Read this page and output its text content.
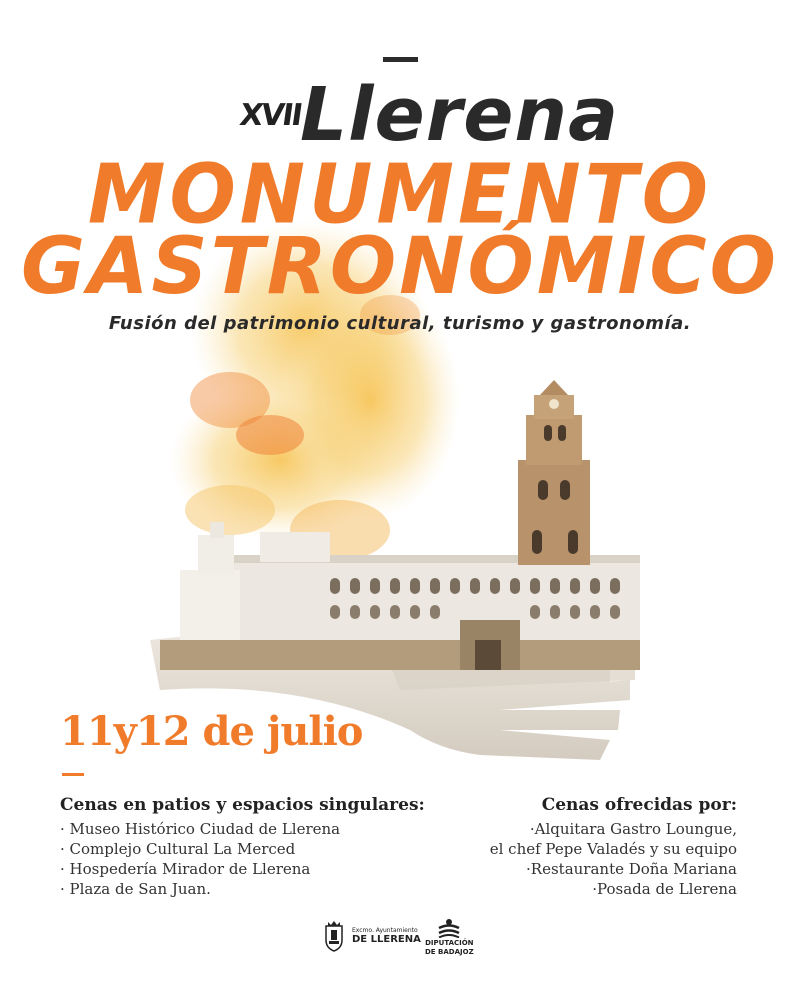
Llerena
XVII
MONUMENTO
GASTRONÓMICO
Fusión del patrimonio cultural, turismo y gastronomía.
11y12 de julio
Cenas en patios y espacios singulares:
· Museo Histórico Ciudad de Llerena
· Complejo Cultural La Merced
· Hospedería Mirador de Llerena
· Plaza de San Juan.
Cenas ofrecidas por:
·Alquitara Gastro Loungue,
el chef Pepe Valadés y su equipo
·Restaurante Doña Mariana
·Posada de Llerena
Excmo. Ayuntamiento
DE LLERENA DIPUTACIÓN
DE BADAJOZ
